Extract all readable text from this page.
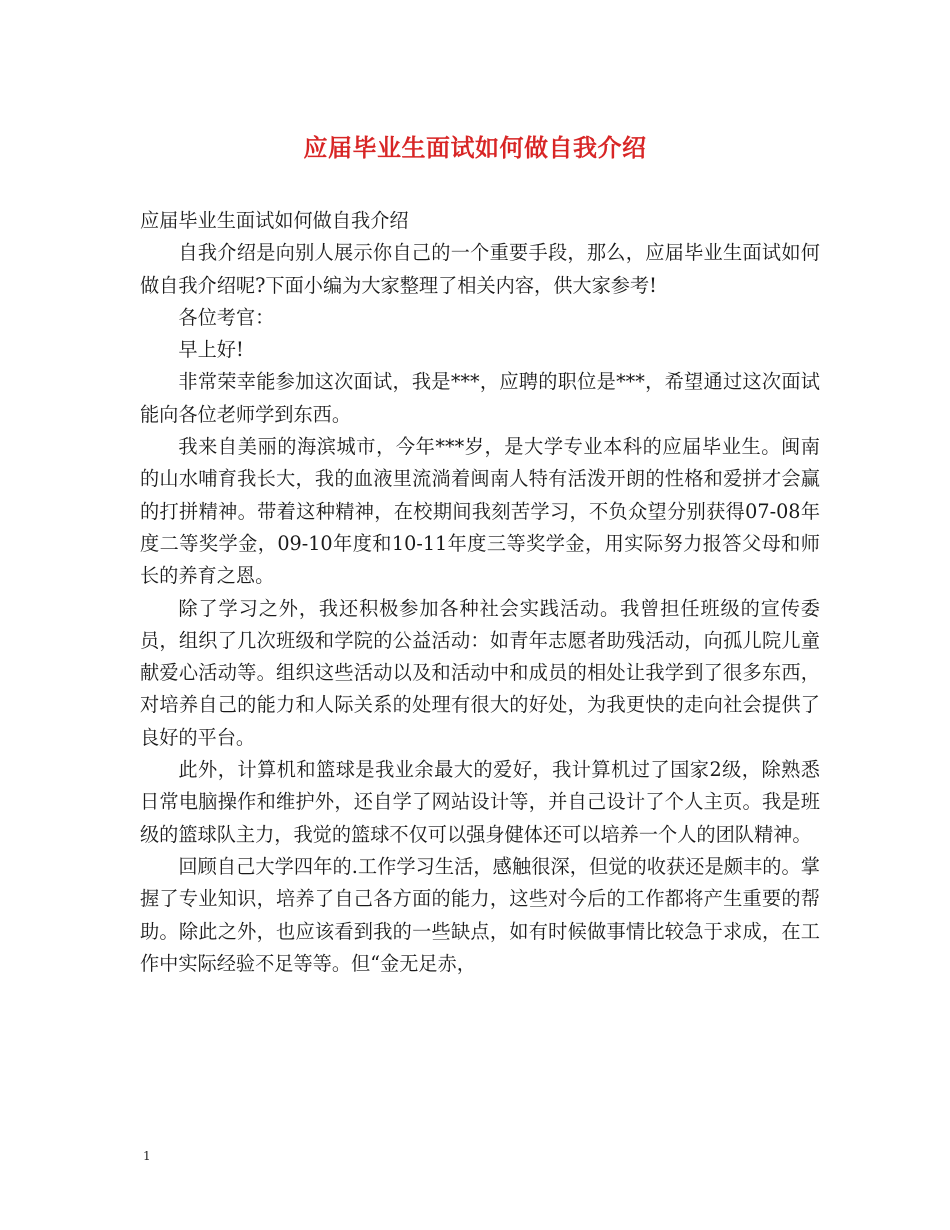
应届毕业生面试如何做自我介绍

应届毕业生面试如何做自我介绍

自我介绍是向别人展示你自己的一个重要手段，那么，应届毕业生面试如何做自我介绍呢?下面小编为大家整理了相关内容，供大家参考!

各位考官：

早上好!

非常荣幸能参加这次面试，我是***，应聘的职位是***，希望通过这次面试能向各位老师学到东西。

我来自美丽的海滨城市，今年***岁，是大学专业本科的应届毕业生。闽南的山水哺育我长大，我的血液里流淌着闽南人特有活泼开朗的性格和爱拼才会赢的打拼精神。带着这种精神，在校期间我刻苦学习，不负众望分别获得07-08年度二等奖学金，09-10年度和10-11年度三等奖学金，用实际努力报答父母和师长的养育之恩。

除了学习之外，我还积极参加各种社会实践活动。我曾担任班级的宣传委员，组织了几次班级和学院的公益活动：如青年志愿者助残活动，向孤儿院儿童献爱心活动等。组织这些活动以及和活动中和成员的相处让我学到了很多东西，对培养自己的能力和人际关系的处理有很大的好处，为我更快的走向社会提供了良好的平台。

此外，计算机和篮球是我业余最大的爱好，我计算机过了国家2级，除熟悉日常电脑操作和维护外，还自学了网站设计等，并自己设计了个人主页。我是班级的篮球队主力，我觉的篮球不仅可以强身健体还可以培养一个人的团队精神。

回顾自己大学四年的.工作学习生活，感触很深，但觉的收获还是颇丰的。掌握了专业知识，培养了自己各方面的能力，这些对今后的工作都将产生重要的帮助。除此之外，也应该看到我的一些缺点，如有时候做事情比较急于求成，在工作中实际经验不足等等。但“金无足赤，

1
